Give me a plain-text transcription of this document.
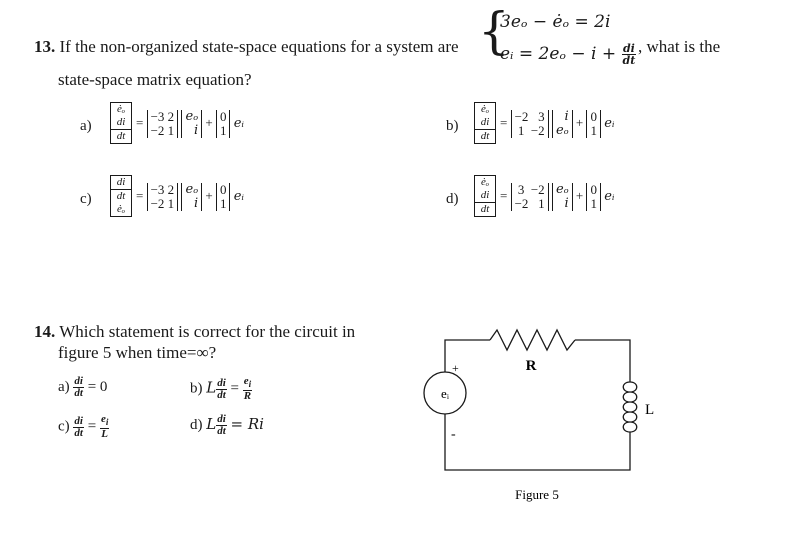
13. If the non-organized state-space equations for a system are {
3eₒ − ėₒ = 2i
eᵢ = $2e_o - i + \frac{di}{dt}$ , what is the
state-space matrix equation?
a)
ėₒ
di
dt
= −3 2
−2 1

eₒ
i
+ 0
1 eᵢ	b)
ėₒ
di
dt
= −2   3
1  −2

i
eₒ
+ 0
1 eᵢ
c)
di
dt
ėₒ
= −3 2
−2 1

eₒ
i
+ 0
1 eᵢ	d)
ėₒ
di
dt
= 3  −2
−2   1

eₒ
i
+ 0
1 eᵢ
14. Which statement is correct for the circuit in
figure 5 when time=∞?
$a) \frac{di}{dt} = 0$	b) L $\frac{di}{dt} = \frac{e_i}{R}$
$c) \frac{di}{dt} = \frac{e_i}{L}$	d) L $\frac{di}{dt} = Ri$
R
eᵢ
+
-
L
Figure 5
